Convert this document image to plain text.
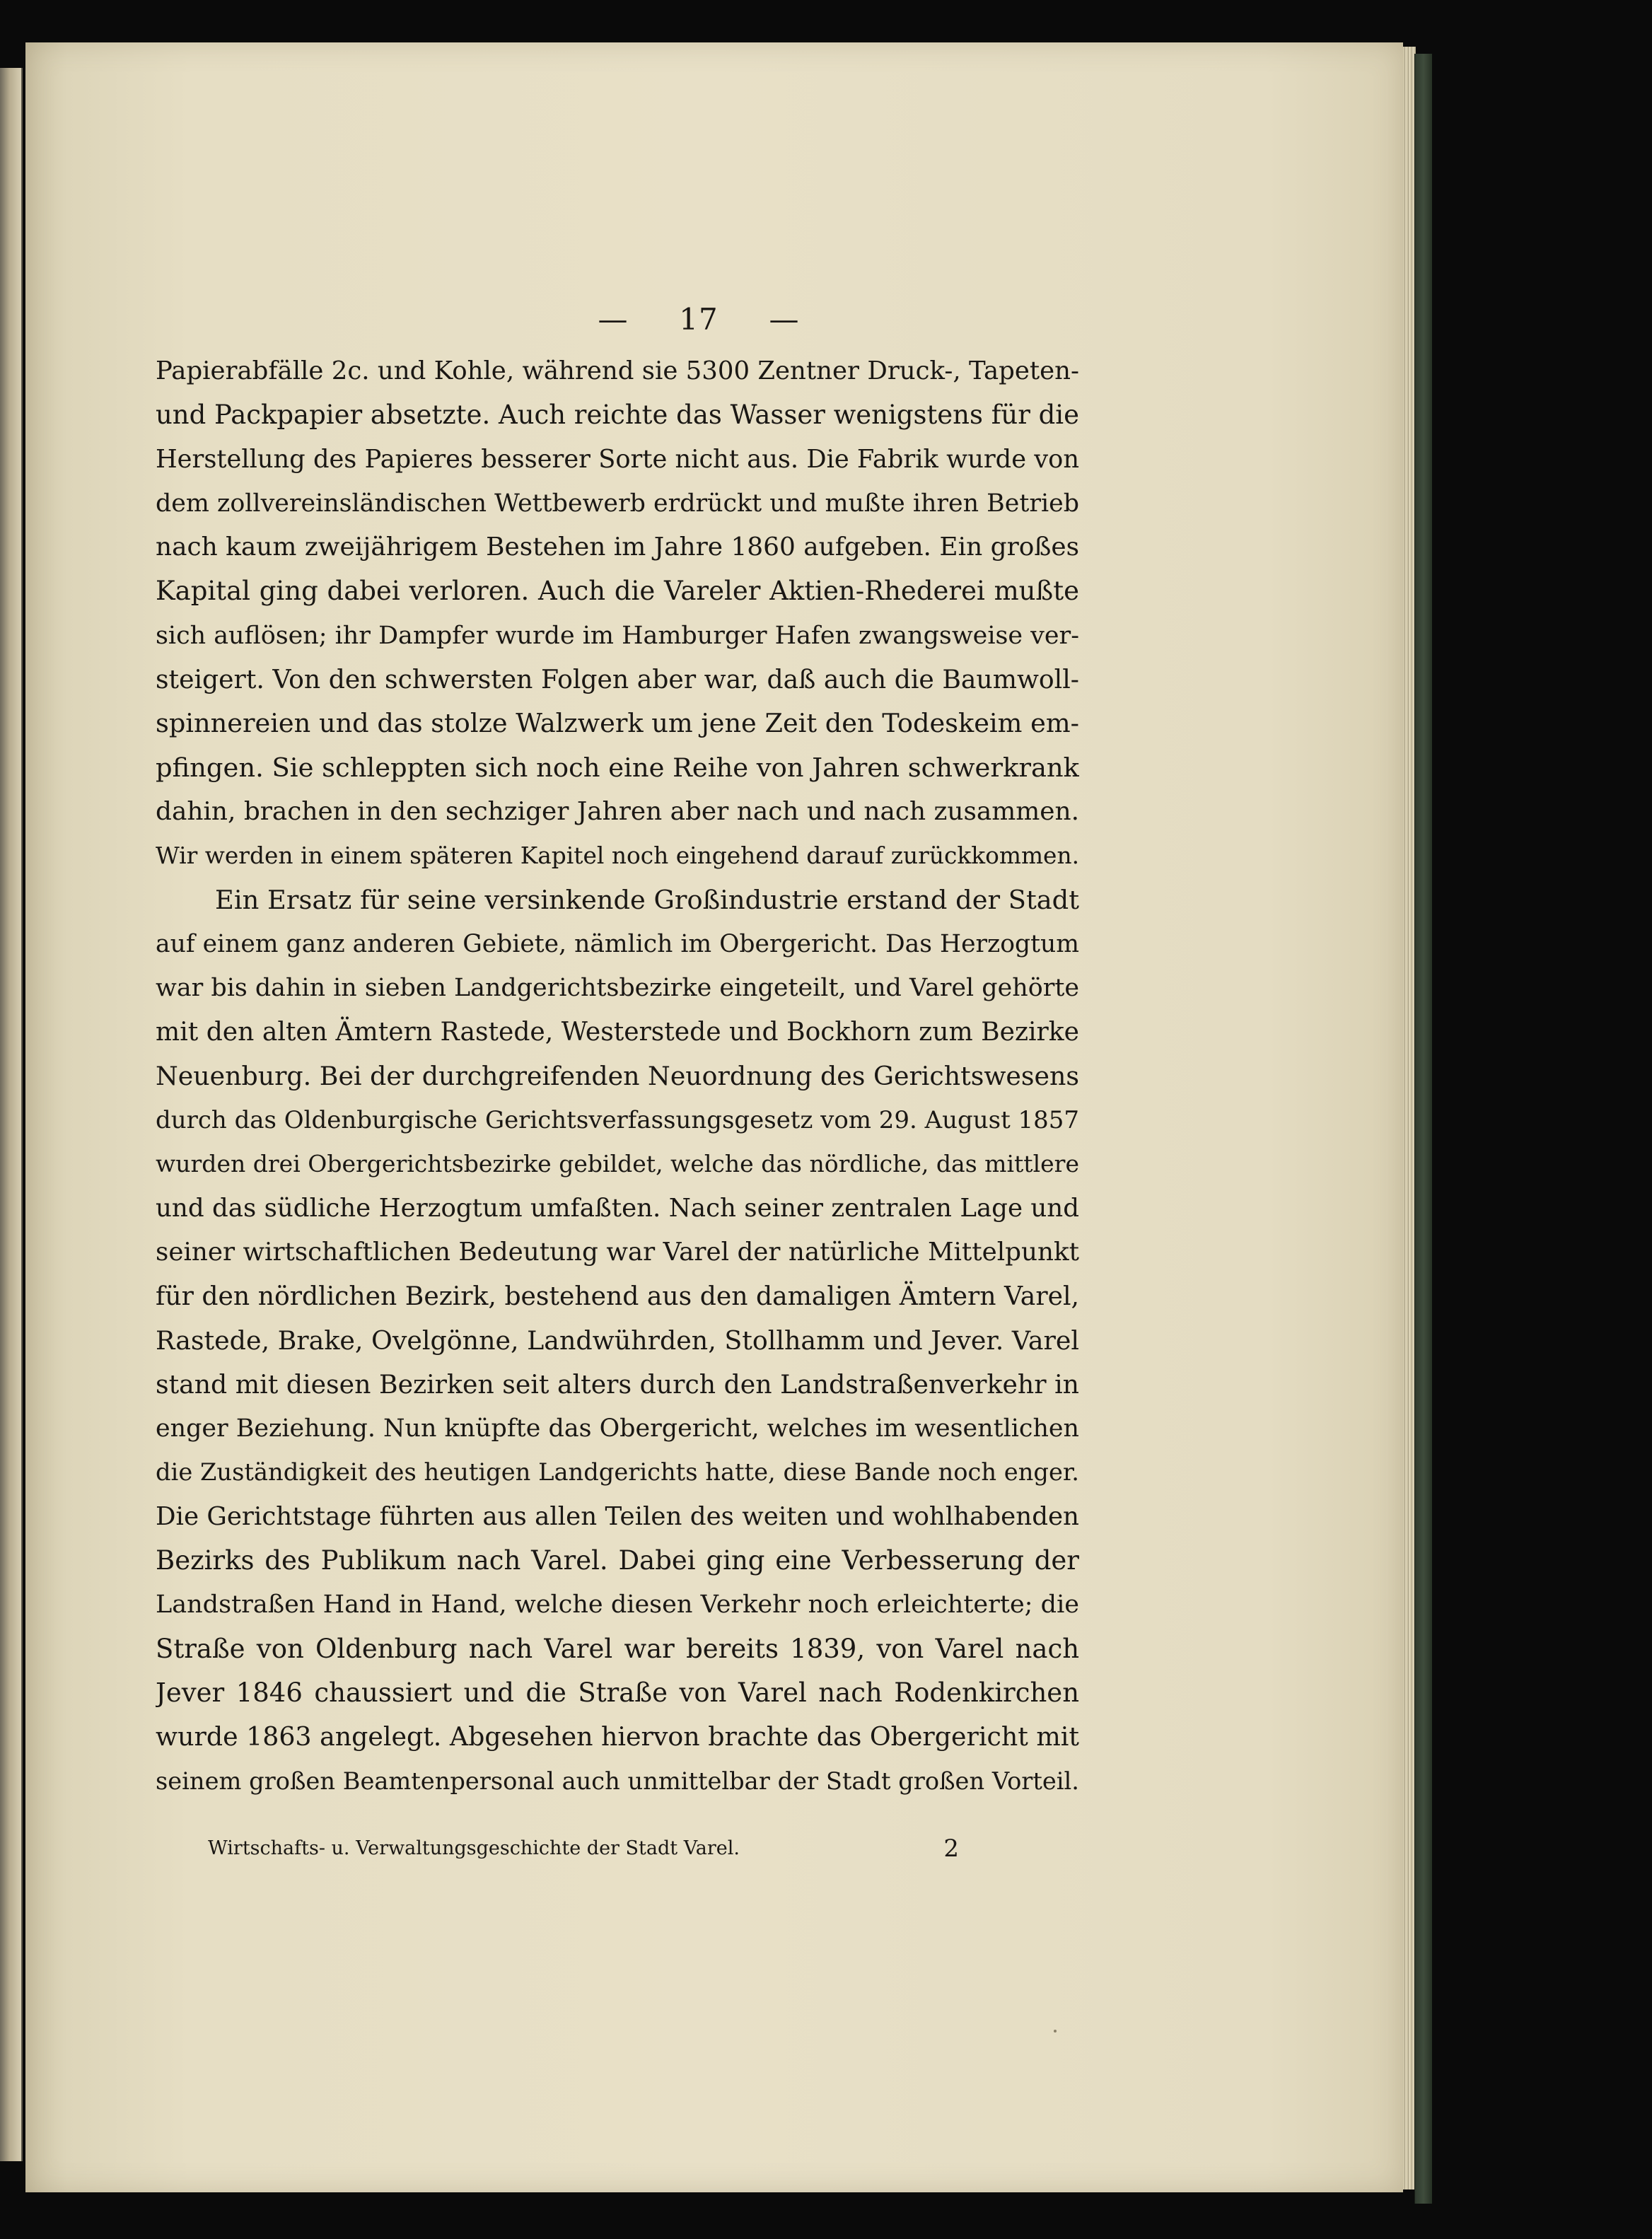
— 17 —
Papierabfälle 2c. und Kohle, während sie 5300 Zentner Druck-, Tapeten-
und Packpapier absetzte. Auch reichte das Wasser wenigstens für die
Herstellung des Papieres besserer Sorte nicht aus. Die Fabrik wurde von
dem zollvereinsländischen Wettbewerb erdrückt und mußte ihren Betrieb
nach kaum zweijährigem Bestehen im Jahre 1860 aufgeben. Ein großes
Kapital ging dabei verloren. Auch die Vareler Aktien-Rhederei mußte
sich auflösen; ihr Dampfer wurde im Hamburger Hafen zwangsweise ver-
steigert. Von den schwersten Folgen aber war, daß auch die Baumwoll-
spinnereien und das stolze Walzwerk um jene Zeit den Todeskeim em-
pfingen. Sie schleppten sich noch eine Reihe von Jahren schwerkrank
dahin, brachen in den sechziger Jahren aber nach und nach zusammen.
Wir werden in einem späteren Kapitel noch eingehend darauf zurückkommen.
Ein Ersatz für seine versinkende Großindustrie erstand der Stadt
auf einem ganz anderen Gebiete, nämlich im Obergericht. Das Herzogtum
war bis dahin in sieben Landgerichtsbezirke eingeteilt, und Varel gehörte
mit den alten Ämtern Rastede, Westerstede und Bockhorn zum Bezirke
Neuenburg. Bei der durchgreifenden Neuordnung des Gerichtswesens
durch das Oldenburgische Gerichtsverfassungsgesetz vom 29. August 1857
wurden drei Obergerichtsbezirke gebildet, welche das nördliche, das mittlere
und das südliche Herzogtum umfaßten. Nach seiner zentralen Lage und
seiner wirtschaftlichen Bedeutung war Varel der natürliche Mittelpunkt
für den nördlichen Bezirk, bestehend aus den damaligen Ämtern Varel,
Rastede, Brake, Ovelgönne, Landwührden, Stollhamm und Jever. Varel
stand mit diesen Bezirken seit alters durch den Landstraßenverkehr in
enger Beziehung. Nun knüpfte das Obergericht, welches im wesentlichen
die Zuständigkeit des heutigen Landgerichts hatte, diese Bande noch enger.
Die Gerichtstage führten aus allen Teilen des weiten und wohlhabenden
Bezirks des Publikum nach Varel. Dabei ging eine Verbesserung der
Landstraßen Hand in Hand, welche diesen Verkehr noch erleichterte; die
Straße von Oldenburg nach Varel war bereits 1839, von Varel nach
Jever 1846 chaussiert und die Straße von Varel nach Rodenkirchen
wurde 1863 angelegt. Abgesehen hiervon brachte das Obergericht mit
seinem großen Beamtenpersonal auch unmittelbar der Stadt großen Vorteil.
Wirtschafts- u. Verwaltungsgeschichte der Stadt Varel.	2
